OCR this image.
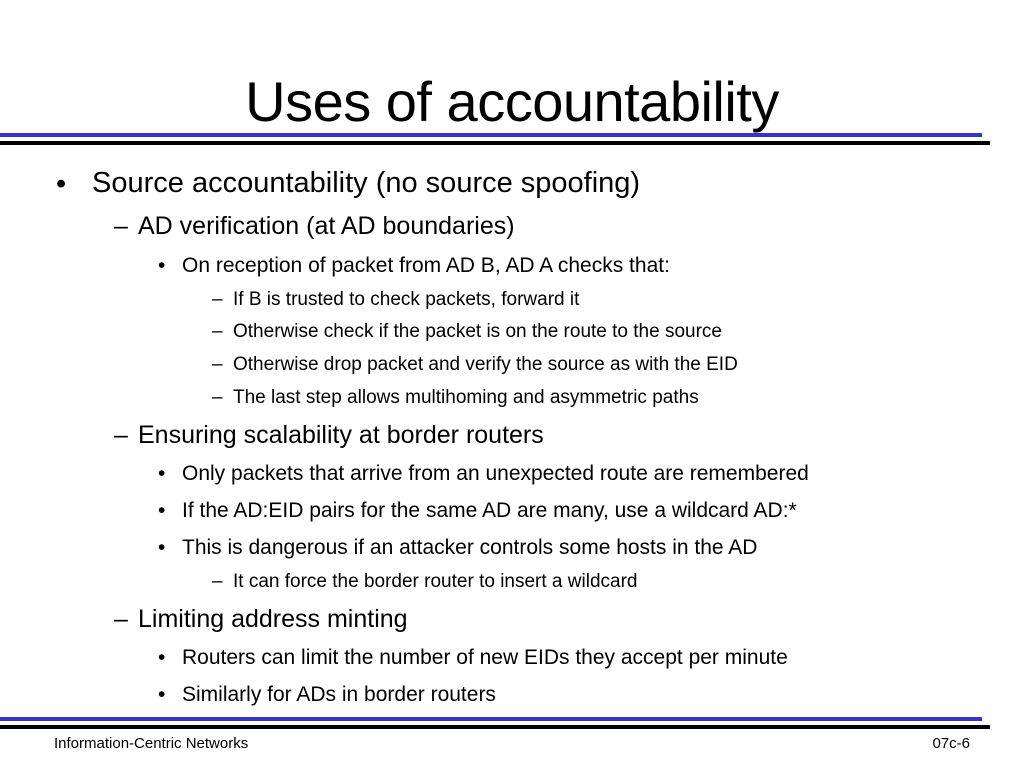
Uses of accountability
• Source accountability (no source spoofing)
– AD verification (at AD boundaries)
• On reception of packet from AD B, AD A checks that:
– If B is trusted to check packets, forward it
– Otherwise check if the packet is on the route to the source
– Otherwise drop packet and verify the source as with the EID
– The last step allows multihoming and asymmetric paths
– Ensuring scalability at border routers
• Only packets that arrive from an unexpected route are remembered
• If the AD:EID pairs for the same AD are many, use a wildcard AD:*
• This is dangerous if an attacker controls some hosts in the AD
– It can force the border router to insert a wildcard
– Limiting address minting
• Routers can limit the number of new EIDs they accept per minute
• Similarly for ADs in border routers
Information-Centric Networks	07c-6
